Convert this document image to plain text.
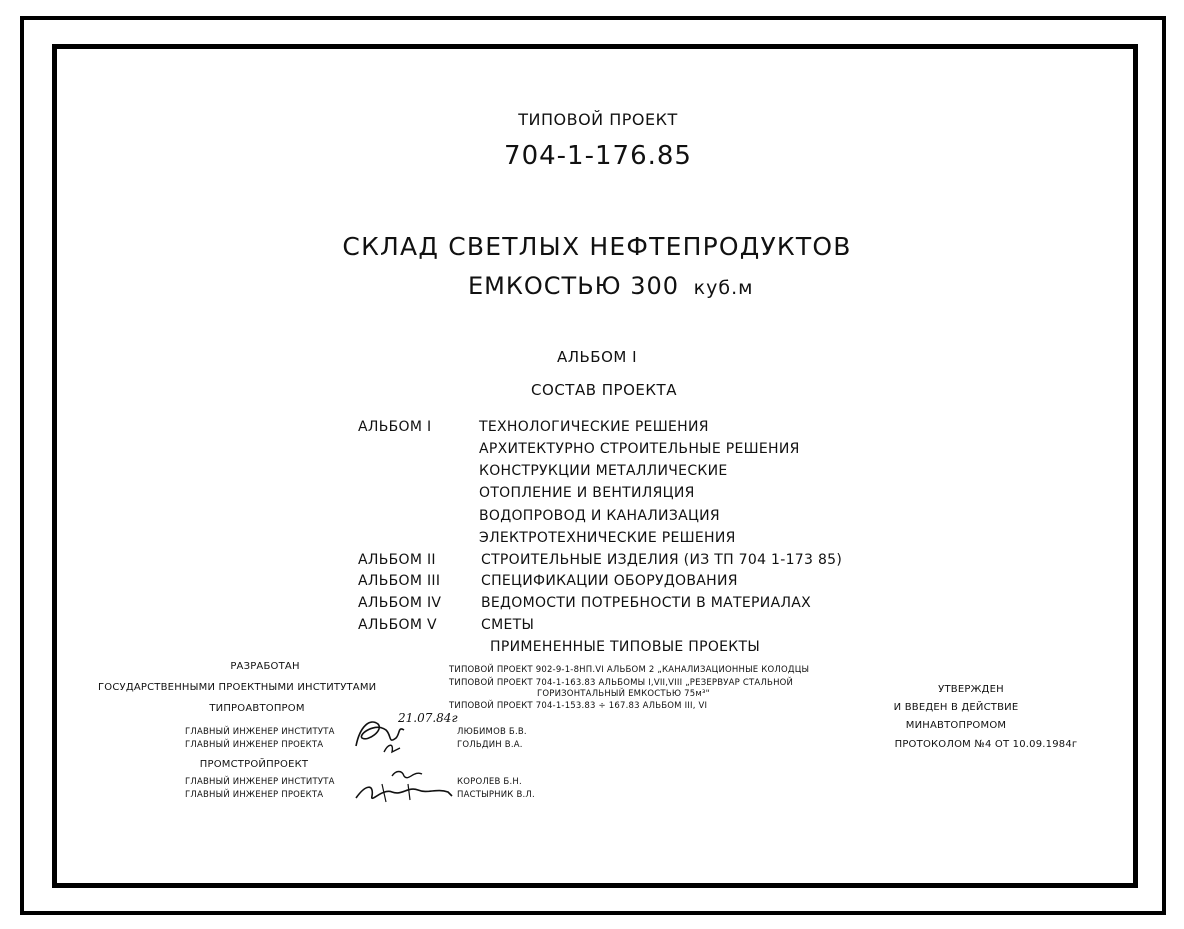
ТИПОВОЙ ПРОЕКТ
704-1-176.85
СКЛАД СВЕТЛЫХ НЕФТЕПРОДУКТОВ
ЕМКОСТЬЮ 300 куб.м
АЛЬБОМ I
СОСТАВ ПРОЕКТА
АЛЬБОМ I	ТЕХНОЛОГИЧЕСКИЕ РЕШЕНИЯ
АРХИТЕКТУРНО СТРОИТЕЛЬНЫЕ РЕШЕНИЯ
КОНСТРУКЦИИ МЕТАЛЛИЧЕСКИЕ
ОТОПЛЕНИЕ И ВЕНТИЛЯЦИЯ
ВОДОПРОВОД И КАНАЛИЗАЦИЯ
ЭЛЕКТРОТЕХНИЧЕСКИЕ РЕШЕНИЯ
АЛЬБОМ II	СТРОИТЕЛЬНЫЕ ИЗДЕЛИЯ (ИЗ ТП 704 1-173 85)
АЛЬБОМ III	СПЕЦИФИКАЦИИ ОБОРУДОВАНИЯ
АЛЬБОМ IV	ВЕДОМОСТИ ПОТРЕБНОСТИ В МАТЕРИАЛАХ
АЛЬБОМ V	СМЕТЫ
ПРИМЕНЕННЫЕ ТИПОВЫЕ ПРОЕКТЫ
ТИПОВОЙ ПРОЕКТ 902-9-1-8НП.VI АЛЬБОМ 2 „КАНАЛИЗАЦИОННЫЕ КОЛОДЦЫ
ТИПОВОЙ ПРОЕКТ 704-1-163.83 АЛЬБОМЫ I,VII,VIII „РЕЗЕРВУАР СТАЛЬНОЙ
ГОРИЗОНТАЛЬНЫЙ ЕМКОСТЬЮ 75м³"
ТИПОВОЙ ПРОЕКТ 704-1-153.83 ÷ 167.83 АЛЬБОМ III, VI
РАЗРАБОТАН
ГОСУДАРСТВЕННЫМИ ПРОЕКТНЫМИ ИНСТИТУТАМИ
ТИПРОАВТОПРОМ
ГЛАВНЫЙ ИНЖЕНЕР ИНСТИТУТА
ГЛАВНЫЙ ИНЖЕНЕР ПРОЕКТА
ЛЮБИМОВ Б.В.
ГОЛЬДИН В.А.
21.07.84г
ПРОМСТРОЙПРОЕКТ
ГЛАВНЫЙ ИНЖЕНЕР ИНСТИТУТА
ГЛАВНЫЙ ИНЖЕНЕР ПРОЕКТА
КОРОЛЕВ Б.Н.
ПАСТЫРНИК В.Л.
УТВЕРЖДЕН
И ВВЕДЕН В ДЕЙСТВИЕ
МИНАВТОПРОМОМ
ПРОТОКОЛОМ №4 ОТ 10.09.1984г
